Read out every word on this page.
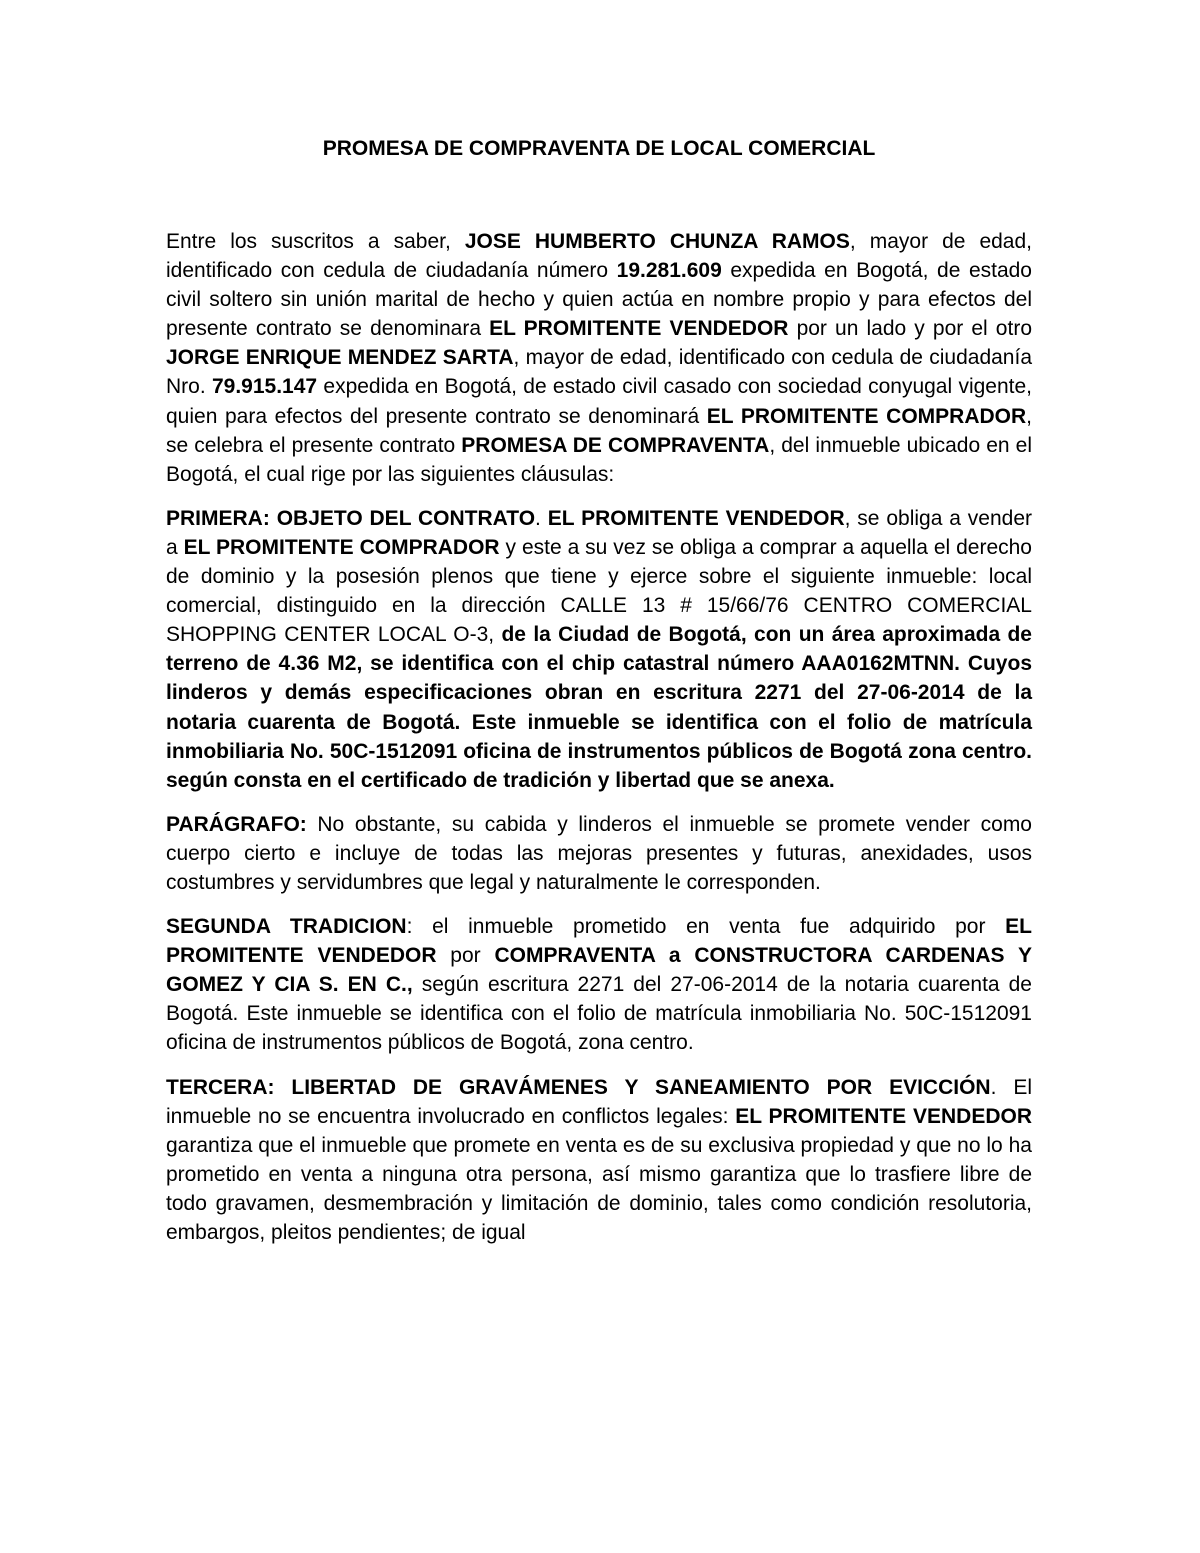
PROMESA DE COMPRAVENTA DE LOCAL COMERCIAL

Entre los suscritos a saber, JOSE HUMBERTO CHUNZA RAMOS, mayor de edad, identificado con cedula de ciudadanía número 19.281.609 expedida en Bogotá, de estado civil soltero sin unión marital de hecho y quien actúa en nombre propio y para efectos del presente contrato se denominara EL PROMITENTE VENDEDOR por un lado y por el otro JORGE ENRIQUE MENDEZ SARTA, mayor de edad, identificado con cedula de ciudadanía Nro. 79.915.147 expedida en Bogotá, de estado civil casado con sociedad conyugal vigente, quien para efectos del presente contrato se denominará EL PROMITENTE COMPRADOR, se celebra el presente contrato PROMESA DE COMPRAVENTA, del inmueble ubicado en el Bogotá, el cual rige por las siguientes cláusulas:

PRIMERA: OBJETO DEL CONTRATO. EL PROMITENTE VENDEDOR, se obliga a vender a EL PROMITENTE COMPRADOR y este a su vez se obliga a comprar a aquella el derecho de dominio y la posesión plenos que tiene y ejerce sobre el siguiente inmueble: local comercial, distinguido en la dirección CALLE 13 # 15/66/76 CENTRO COMERCIAL SHOPPING CENTER LOCAL O-3, de la Ciudad de Bogotá, con un área aproximada de terreno de 4.36 M2, se identifica con el chip catastral número AAA0162MTNN. Cuyos linderos y demás especificaciones obran en escritura 2271 del 27-06-2014 de la notaria cuarenta de Bogotá. Este inmueble se identifica con el folio de matrícula inmobiliaria No. 50C-1512091 oficina de instrumentos públicos de Bogotá zona centro. según consta en el certificado de tradición y libertad que se anexa.

PARÁGRAFO: No obstante, su cabida y linderos el inmueble se promete vender como cuerpo cierto e incluye de todas las mejoras presentes y futuras, anexidades, usos costumbres y servidumbres que legal y naturalmente le corresponden.

SEGUNDA TRADICION: el inmueble prometido en venta fue adquirido por EL PROMITENTE VENDEDOR por COMPRAVENTA a CONSTRUCTORA CARDENAS Y GOMEZ Y CIA S. EN C., según escritura 2271 del 27-06-2014 de la notaria cuarenta de Bogotá. Este inmueble se identifica con el folio de matrícula inmobiliaria No. 50C-1512091 oficina de instrumentos públicos de Bogotá, zona centro.

TERCERA: LIBERTAD DE GRAVÁMENES Y SANEAMIENTO POR EVICCIÓN. El inmueble no se encuentra involucrado en conflictos legales: EL PROMITENTE VENDEDOR garantiza que el inmueble que promete en venta es de su exclusiva propiedad y que no lo ha prometido en venta a ninguna otra persona, así mismo garantiza que lo trasfiere libre de todo gravamen, desmembración y limitación de dominio, tales como condición resolutoria, embargos, pleitos pendientes; de igual
